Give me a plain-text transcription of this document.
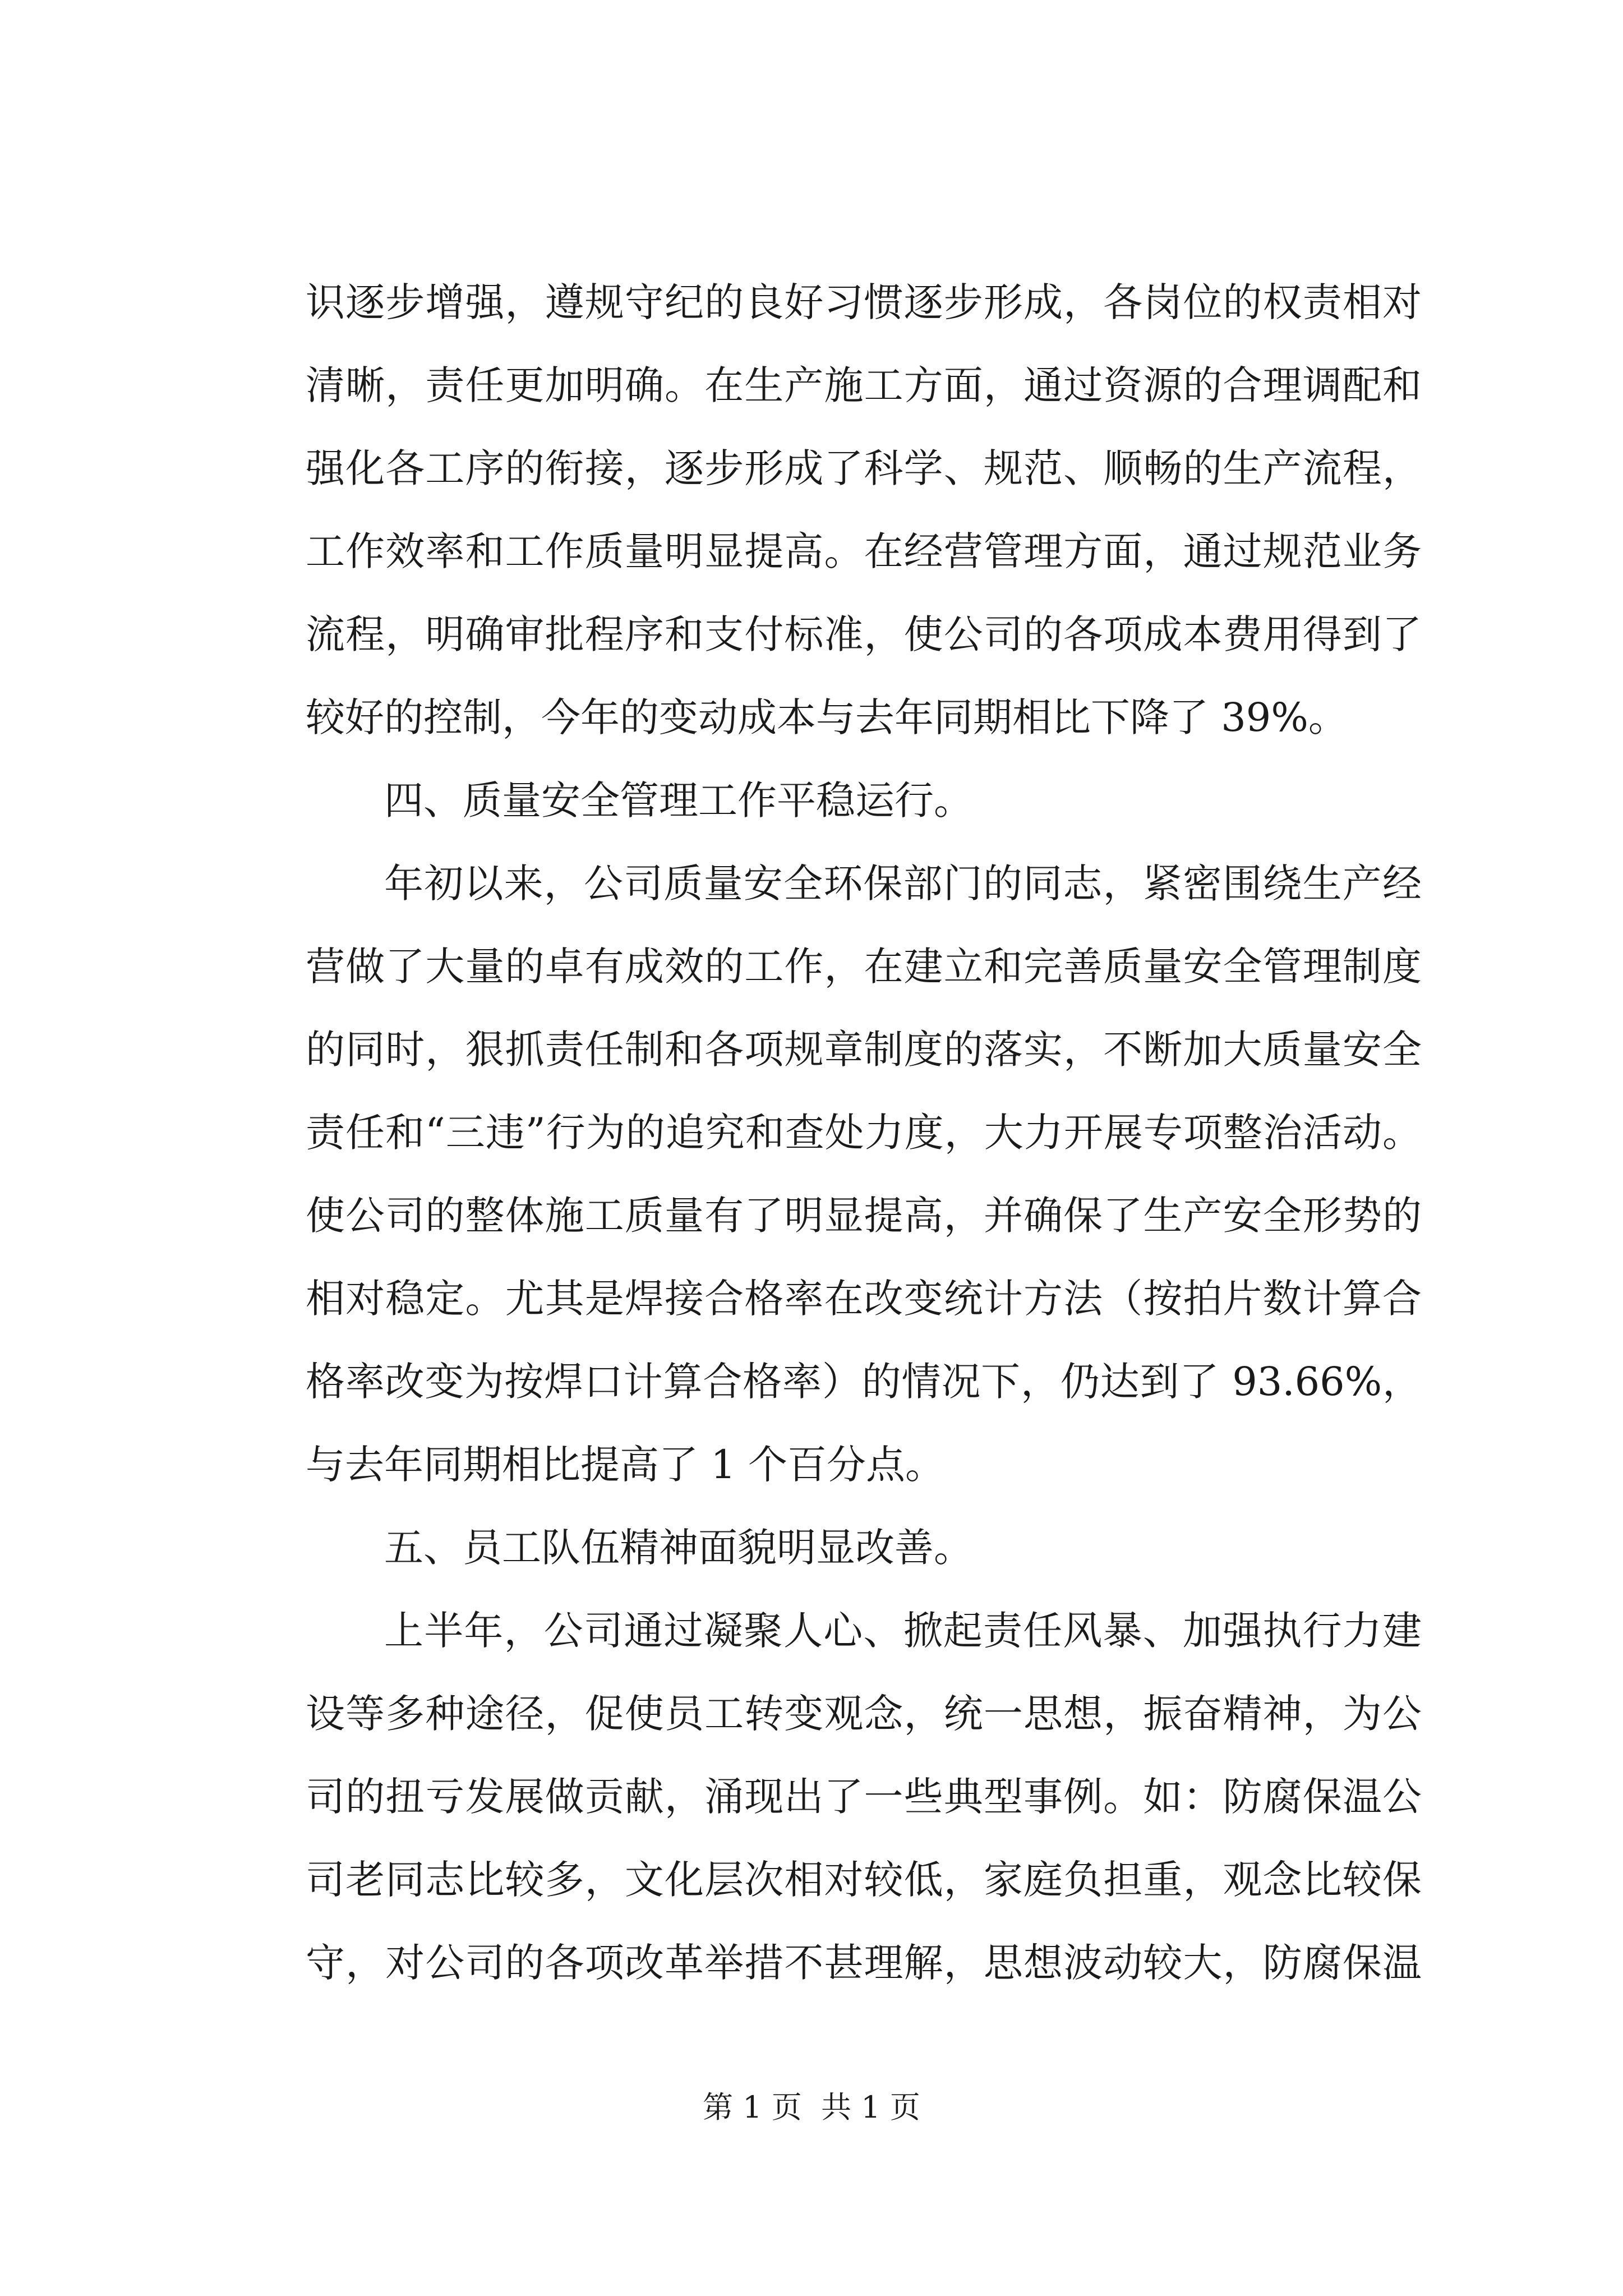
识逐步增强，遵规守纪的良好习惯逐步形成，各岗位的权责相对
清晰，责任更加明确。在生产施工方面，通过资源的合理调配和
强化各工序的衔接，逐步形成了科学、规范、顺畅的生产流程，
工作效率和工作质量明显提高。在经营管理方面，通过规范业务
流程，明确审批程序和支付标准，使公司的各项成本费用得到了
较好的控制，今年的变动成本与去年同期相比下降了 39%。
四、质量安全管理工作平稳运行。
年初以来，公司质量安全环保部门的同志，紧密围绕生产经
营做了大量的卓有成效的工作，在建立和完善质量安全管理制度
的同时，狠抓责任制和各项规章制度的落实，不断加大质量安全
责任和“三违”行为的追究和查处力度，大力开展专项整治活动。
使公司的整体施工质量有了明显提高，并确保了生产安全形势的
相对稳定。尤其是焊接合格率在改变统计方法（按拍片数计算合
格率改变为按焊口计算合格率）的情况下，仍达到了 93.66%，
与去年同期相比提高了 1 个百分点。
五、员工队伍精神面貌明显改善。
上半年，公司通过凝聚人心、掀起责任风暴、加强执行力建
设等多种途径，促使员工转变观念，统一思想，振奋精神，为公
司的扭亏发展做贡献，涌现出了一些典型事例。如：防腐保温公
司老同志比较多，文化层次相对较低，家庭负担重，观念比较保
守，对公司的各项改革举措不甚理解，思想波动较大，防腐保温
第 1 页  共 1 页
